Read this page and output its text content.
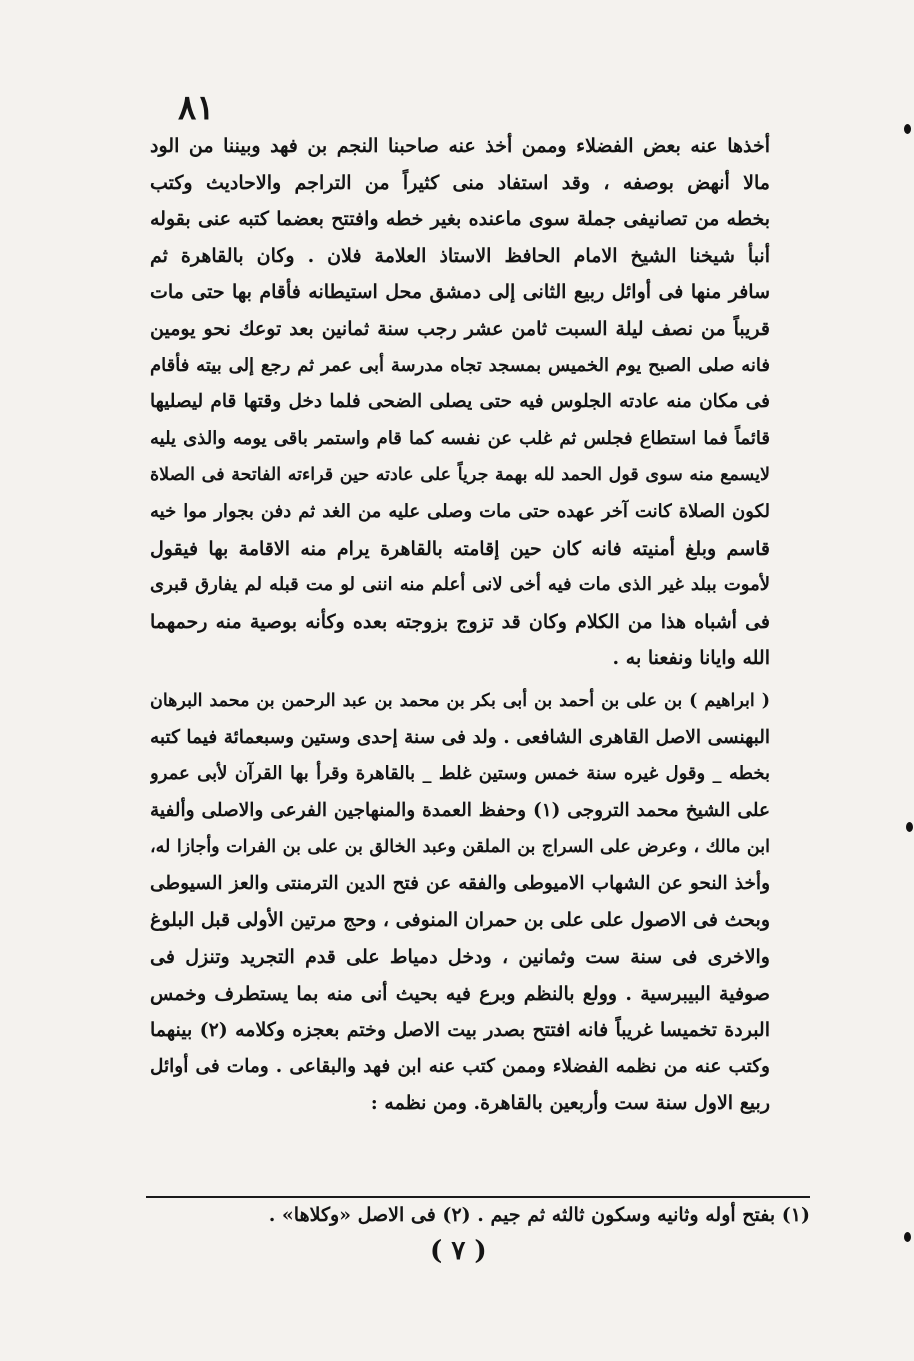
٨١
أخذها عنه بعض الفضلاء وممن أخذ عنه صاحبنا النجم بن فهد وبيننا من الود
مالا أنهض بوصفه ، وقد استفاد منى كثيراً من التراجم والاحاديث وكتب
بخطه من تصانيفى جملة سوى ماعنده بغير خطه وافتتح بعضما كتبه عنى بقوله
أنبأ شيخنا الشيخ الامام الحافظ الاستاذ العلامة فلان . وكان بالقاهرة ثم
سافر منها فى أوائل ربيع الثانى إلى دمشق محل استيطانه فأقام بها حتى مات
قريباً من نصف ليلة السبت ثامن عشر رجب سنة ثمانين بعد توعك نحو يومين
فانه صلى الصبح يوم الخميس بمسجد تجاه مدرسة أبى عمر ثم رجع إلى بيته فأقام
فى مكان منه عادته الجلوس فيه حتى يصلى الضحى فلما دخل وقتها قام ليصليها
قائماً فما استطاع فجلس ثم غلب عن نفسه كما قام واستمر باقى يومه والذى يليه
لايسمع منه سوى قول الحمد لله بهمة جرياً على عادته حين قراءته الفاتحة فى الصلاة
لكون الصلاة كانت آخر عهده حتى مات وصلى عليه من الغد ثم دفن بجوار موا خيه
قاسم وبلغ أمنيته فانه كان حين إقامته بالقاهرة يرام منه الاقامة بها فيقول
لأموت ببلد غير الذى مات فيه أخى لانى أعلم منه اننى لو مت قبله لم يفارق قبرى
فى أشباه هذا من الكلام وكان قد تزوج بزوجته بعده وكأنه بوصية منه رحمهما
الله وايانا ونفعنا به .
( ابراهيم ) بن على بن أحمد بن أبى بكر بن محمد بن عبد الرحمن بن محمد البرهان
البهنسى الاصل القاهرى الشافعى . ولد فى سنة إحدى وستين وسبعمائة فيما كتبه
بخطه _ وقول غيره سنة خمس وستين غلط _ بالقاهرة وقرأ بها القرآن لأبى عمرو
على الشيخ محمد التروجى (١) وحفظ العمدة والمنهاجين الفرعى والاصلى وألفية
ابن مالك ، وعرض على السراج بن الملقن وعبد الخالق بن على بن الفرات وأجازا له،
وأخذ النحو عن الشهاب الاميوطى والفقه عن فتح الدين الترمنتى والعز السيوطى
وبحث فى الاصول على على بن حمران المنوفى ، وحج مرتين الأولى قبل البلوغ
والاخرى فى سنة ست وثمانين ، ودخل دمياط على قدم التجريد وتنزل فى
صوفية البيبرسية . وولع بالنظم وبرع فيه بحيث أنى منه بما يستطرف وخمس
البردة تخميسا غريباً فانه افتتح بصدر بيت الاصل وختم بعجزه وكلامه (٢) بينهما
وكتب عنه من نظمه الفضلاء وممن كتب عنه ابن فهد والبقاعى . ومات فى أوائل
ربيع الاول سنة ست وأربعين بالقاهرة. ومن نظمه :
(١) بفتح أوله وثانيه وسكون ثالثه ثم جيم . (٢) فى الاصل «وكلاها» .
( ٧ )
